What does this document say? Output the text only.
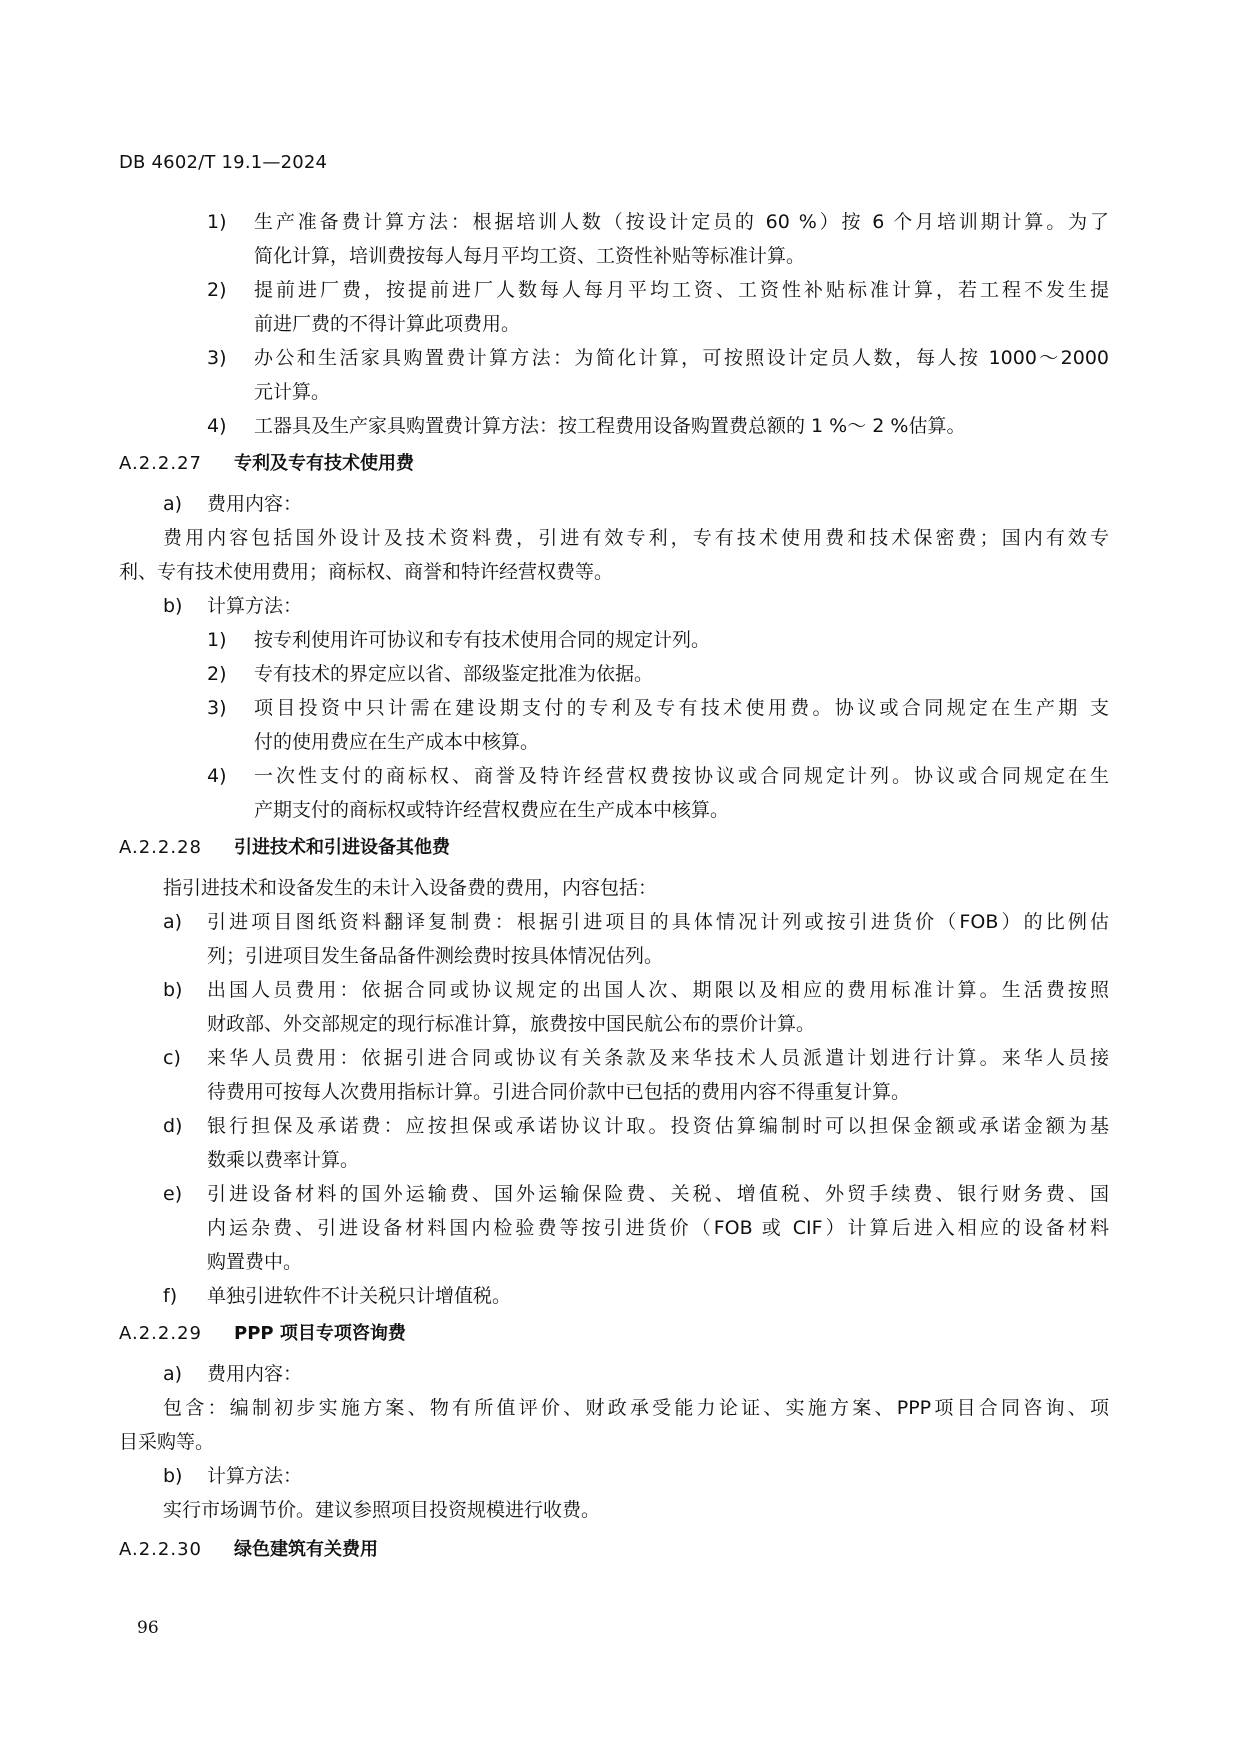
DB 4602/T 19.1—2024
1) 生产准备费计算方法：根据培训人数（按设计定员的 60 %）按 6 个月培训期计算。为了
简化计算，培训费按每人每月平均工资、工资性补贴等标准计算。
2) 提前进厂费，按提前进厂人数每人每月平均工资、工资性补贴标准计算，若工程不发生提
前进厂费的不得计算此项费用。
3) 办公和生活家具购置费计算方法：为简化计算，可按照设计定员人数，每人按 1000～2000
元计算。
4) 工器具及生产家具购置费计算方法：按工程费用设备购置费总额的 1 %～ 2 %估算。
A.2.2.27 专利及专有技术使用费
a) 费用内容：
费用内容包括国外设计及技术资料费，引进有效专利，专有技术使用费和技术保密费；国内有效专
利、专有技术使用费用；商标权、商誉和特许经营权费等。
b) 计算方法：
1) 按专利使用许可协议和专有技术使用合同的规定计列。
2) 专有技术的界定应以省、部级鉴定批准为依据。
3) 项目投资中只计需在建设期支付的专利及专有技术使用费。协议或合同规定在生产期 支
付的使用费应在生产成本中核算。
4) 一次性支付的商标权、商誉及特许经营权费按协议或合同规定计列。协议或合同规定在生
产期支付的商标权或特许经营权费应在生产成本中核算。
A.2.2.28 引进技术和引进设备其他费
指引进技术和设备发生的未计入设备费的费用，内容包括：
a) 引进项目图纸资料翻译复制费：根据引进项目的具体情况计列或按引进货价（FOB）的比例估
列；引进项目发生备品备件测绘费时按具体情况估列。
b) 出国人员费用：依据合同或协议规定的出国人次、期限以及相应的费用标准计算。生活费按照
财政部、外交部规定的现行标准计算，旅费按中国民航公布的票价计算。
c) 来华人员费用：依据引进合同或协议有关条款及来华技术人员派遣计划进行计算。来华人员接
待费用可按每人次费用指标计算。引进合同价款中已包括的费用内容不得重复计算。
d) 银行担保及承诺费：应按担保或承诺协议计取。投资估算编制时可以担保金额或承诺金额为基
数乘以费率计算。
e) 引进设备材料的国外运输费、国外运输保险费、关税、增值税、外贸手续费、银行财务费、国
内运杂费、引进设备材料国内检验费等按引进货价（FOB 或 CIF）计算后进入相应的设备材料
购置费中。
f) 单独引进软件不计关税只计增值税。
A.2.2.29 PPP 项目专项咨询费
a) 费用内容：
包含：编制初步实施方案、物有所值评价、财政承受能力论证、实施方案、PPP项目合同咨询、项
目采购等。
b) 计算方法：
实行市场调节价。建议参照项目投资规模进行收费。
A.2.2.30 绿色建筑有关费用
96
